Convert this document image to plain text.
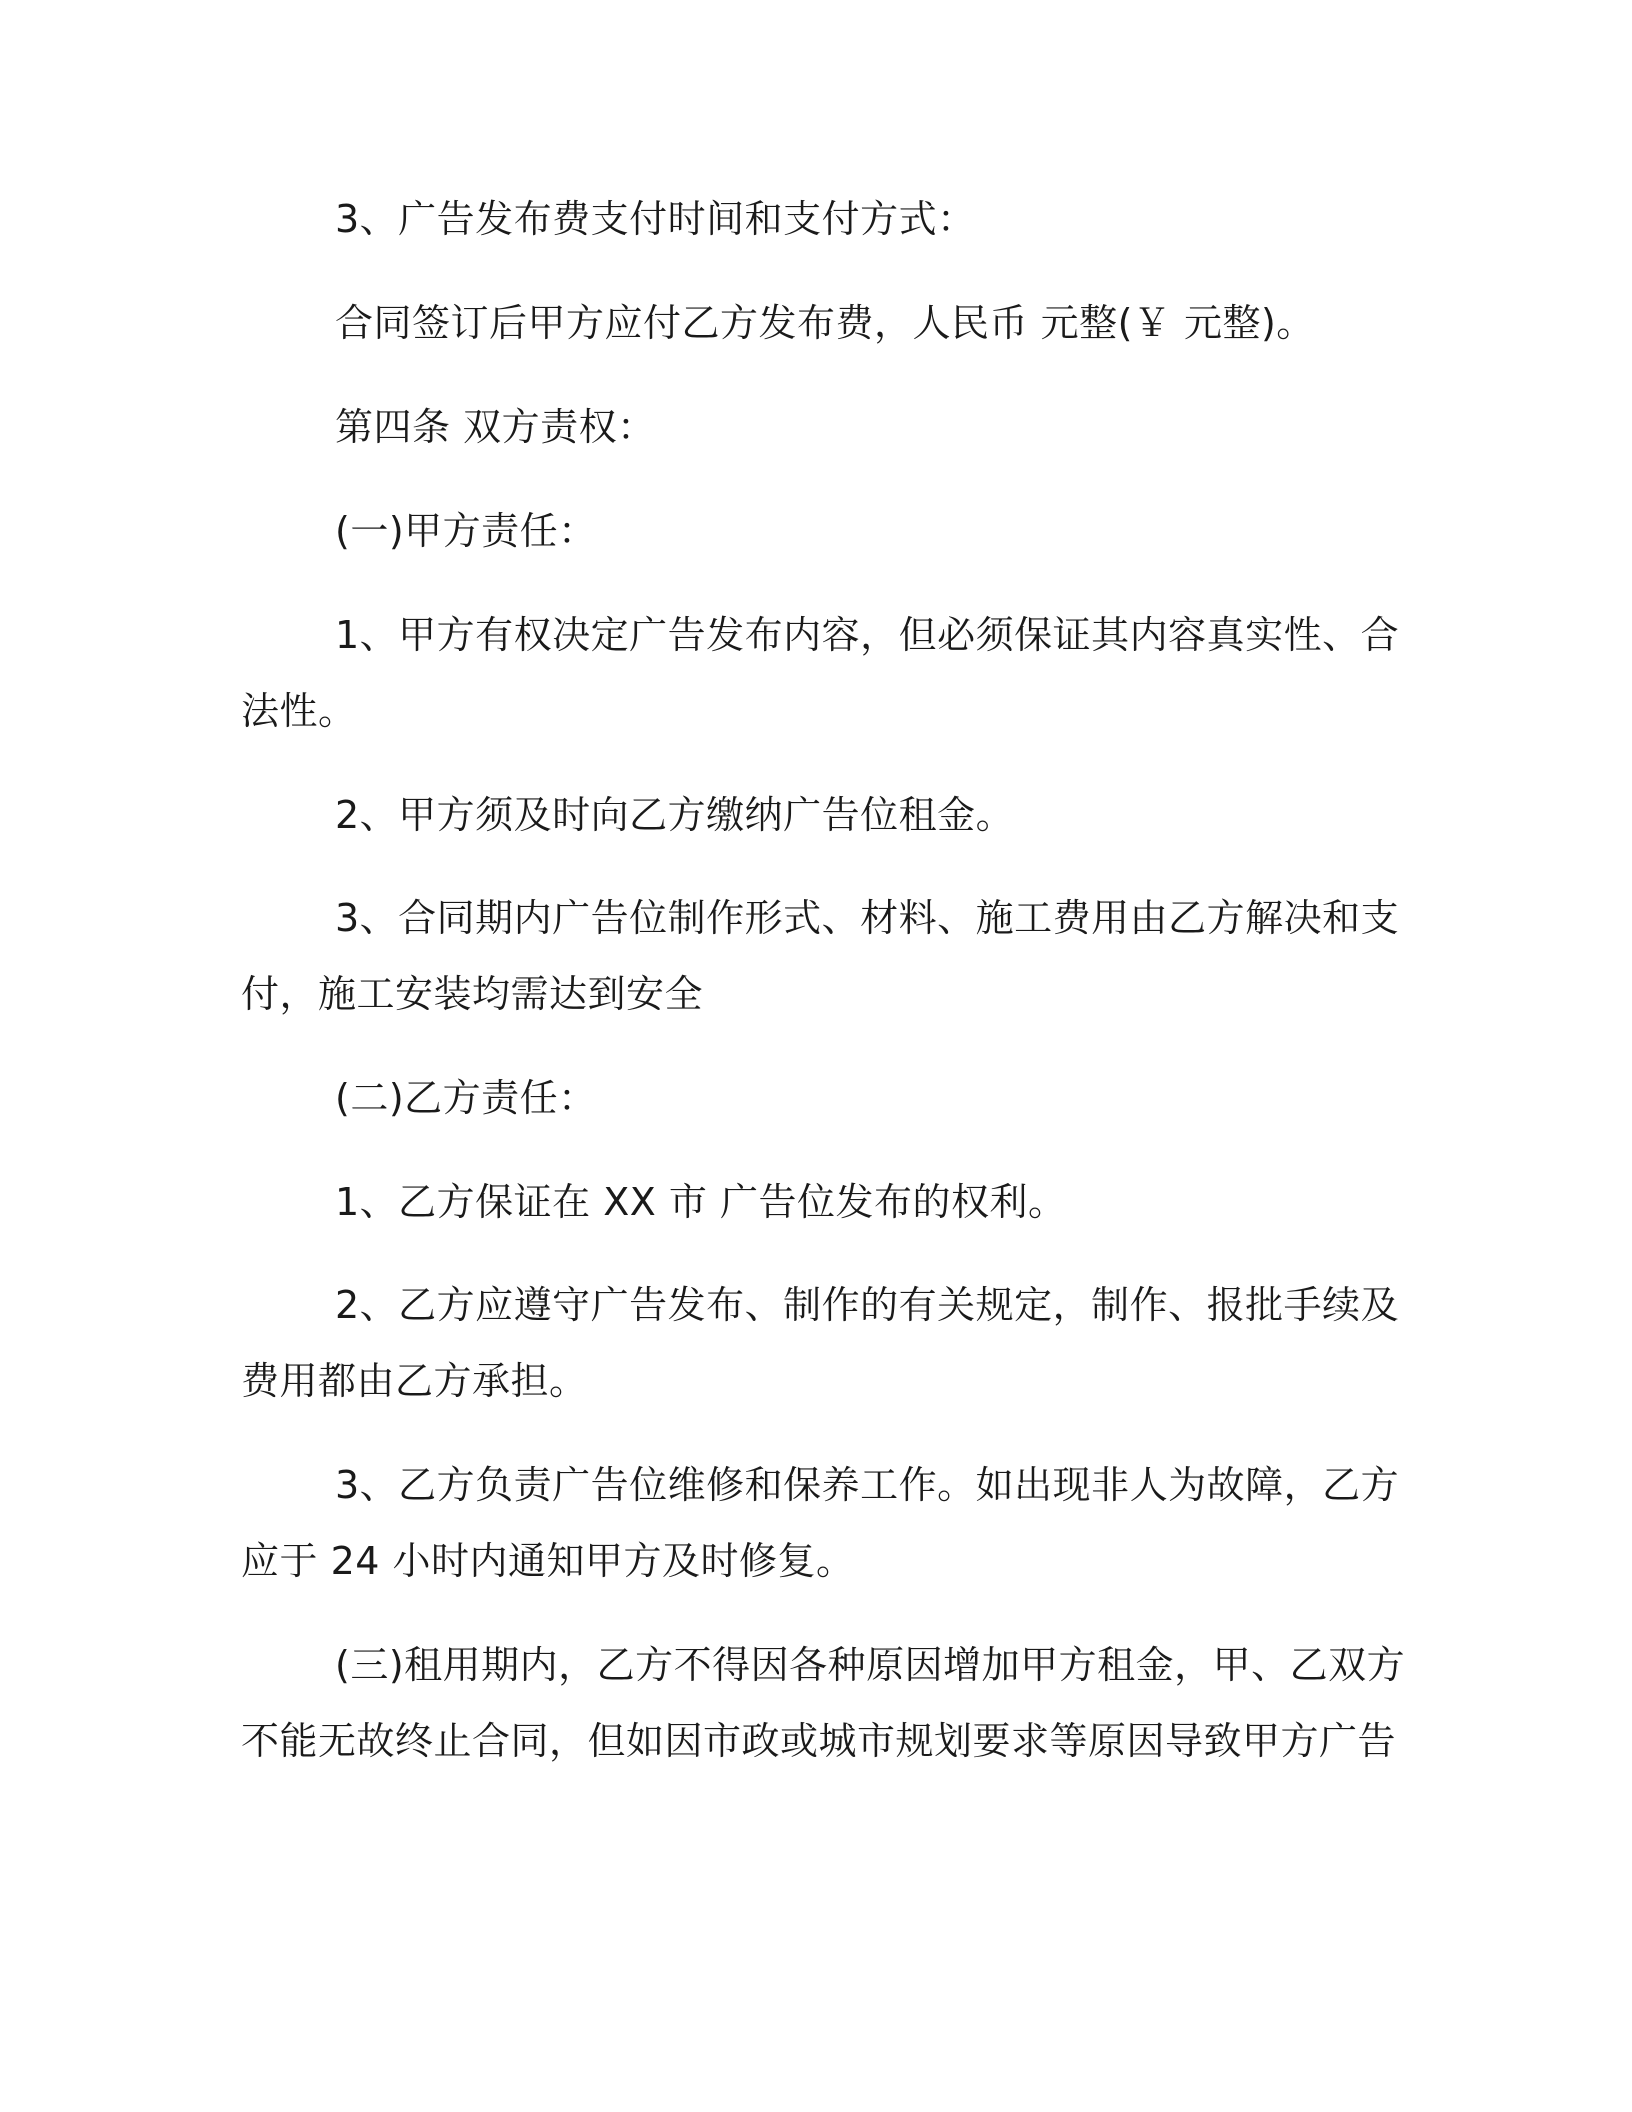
3、广告发布费支付时间和支付方式：
合同签订后甲方应付乙方发布费，人民币 元整(￥ 元整)。
第四条 双方责权：
(一)甲方责任：
1、甲方有权决定广告发布内容，但必须保证其内容真实性、合
法性。
2、甲方须及时向乙方缴纳广告位租金。
3、合同期内广告位制作形式、材料、施工费用由乙方解决和支
付，施工安装均需达到安全
(二)乙方责任：
1、乙方保证在 XX 市 广告位发布的权利。
2、乙方应遵守广告发布、制作的有关规定，制作、报批手续及
费用都由乙方承担。
3、乙方负责广告位维修和保养工作。如出现非人为故障，乙方
应于 24 小时内通知甲方及时修复。
(三)租用期内，乙方不得因各种原因增加甲方租金，甲、乙双方
不能无故终止合同，但如因市政或城市规划要求等原因导致甲方广告
